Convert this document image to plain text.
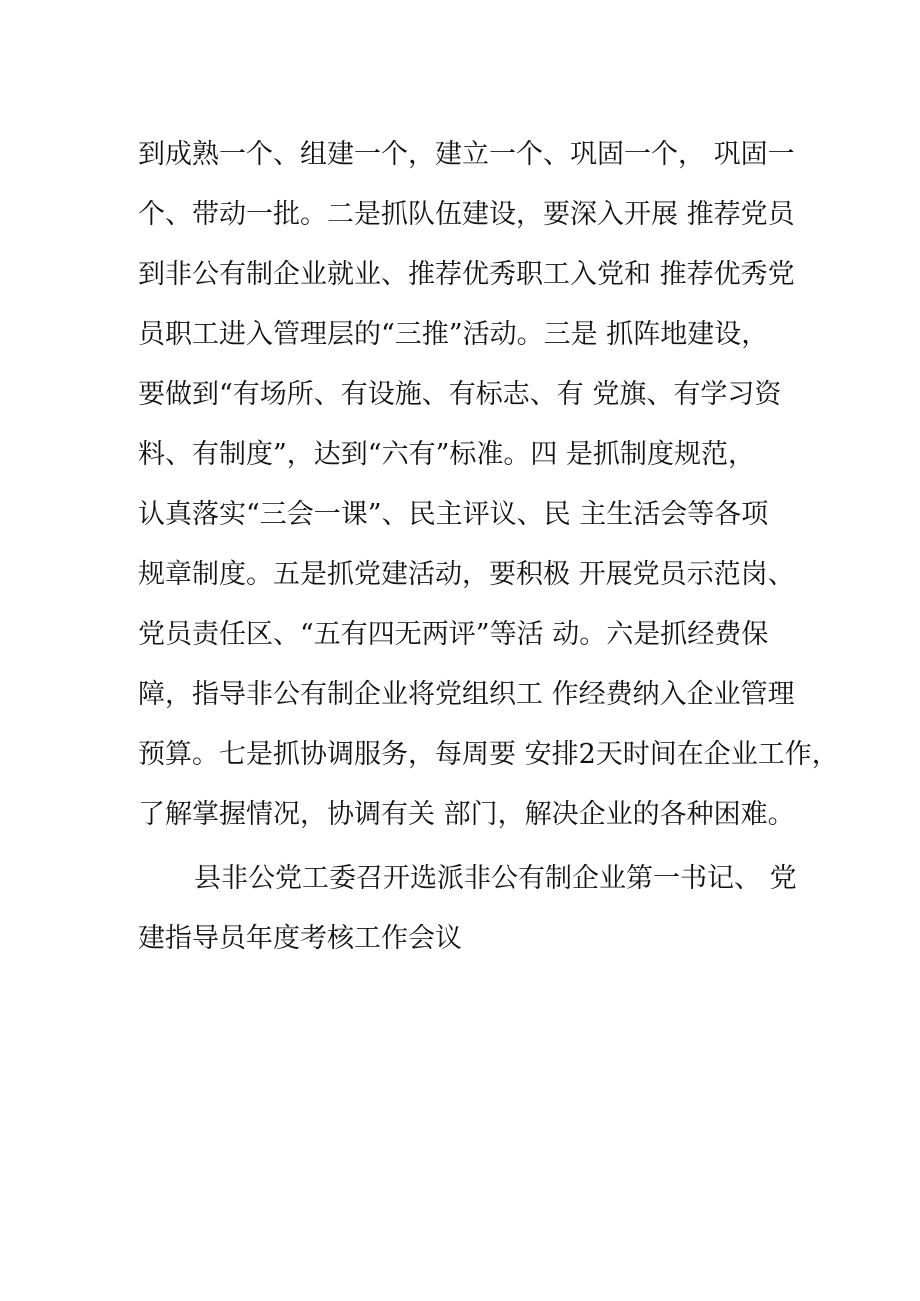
到成熟一个、组建一个，建立一个、巩固一个， 巩固一
个、带动一批。二是抓队伍建设，要深入开展 推荐党员
到非公有制企业就业、推荐优秀职工入党和 推荐优秀党
员职工进入管理层的“三推”活动。三是 抓阵地建设，
要做到“有场所、有设施、有标志、有 党旗、有学习资
料、有制度”，达到“六有”标准。四 是抓制度规范，
认真落实“三会一课”、民主评议、民 主生活会等各项
规章制度。五是抓党建活动，要积极 开展党员示范岗、
党员责任区、“五有四无两评”等活 动。六是抓经费保
障，指导非公有制企业将党组织工 作经费纳入企业管理
预算。七是抓协调服务，每周要 安排2天时间在企业工作，
了解掌握情况，协调有关 部门，解决企业的各种困难。
县非公党工委召开选派非公有制企业第一书记、 党
建指导员年度考核工作会议
